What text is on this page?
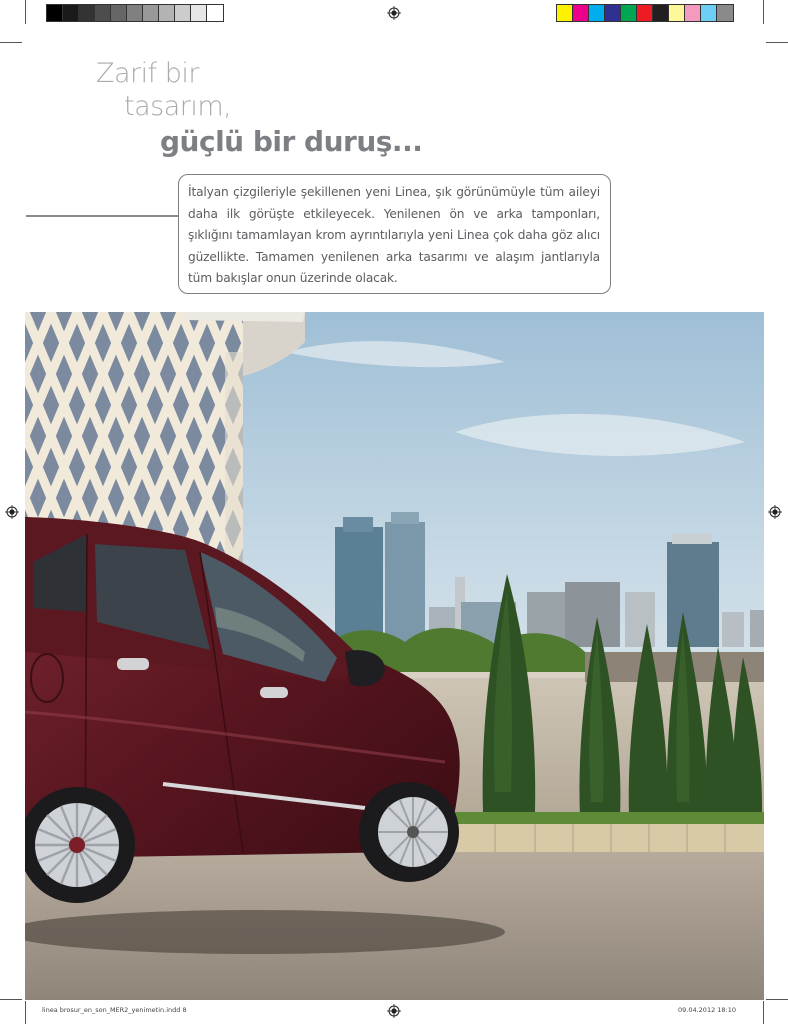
Zarif bir
tasarım,
güçlü bir duruş...

İtalyan çizgileriyle şekillenen yeni Linea, şık görünümüyle tüm aileyi daha ilk görüşte etkileyecek. Yenilenen ön ve arka tamponları, şıklığını tamamlayan krom ayrıntılarıyla yeni Linea çok daha göz alıcı güzellikte. Tamamen yenilenen arka tasarımı ve alaşım jantlarıyla tüm bakışlar onun üzerinde olacak.

linea brosur_en_son_MER2_yenimetin.indd 8	09.04.2012 18:10
